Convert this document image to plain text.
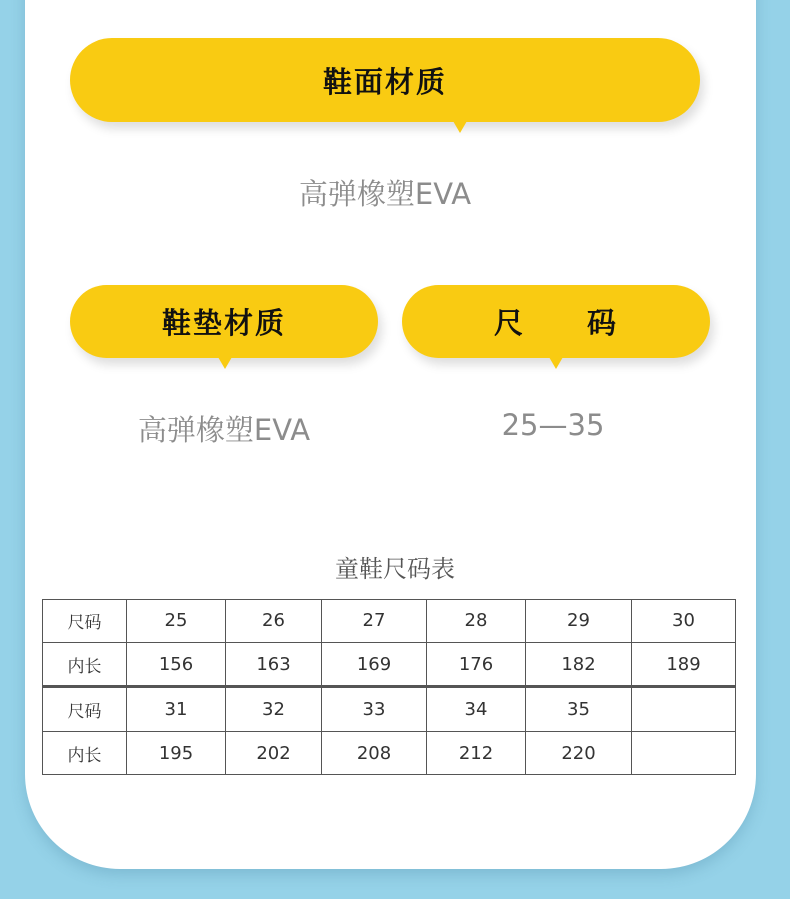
鞋面材质
高弹橡塑EVA
鞋垫材质
高弹橡塑EVA
尺　　码
25—35
童鞋尺码表
尺码	25	26	27	28	29	30
内长	156	163	169	176	182	189
尺码	31	32	33	34	35	
内长	195	202	208	212	220	
